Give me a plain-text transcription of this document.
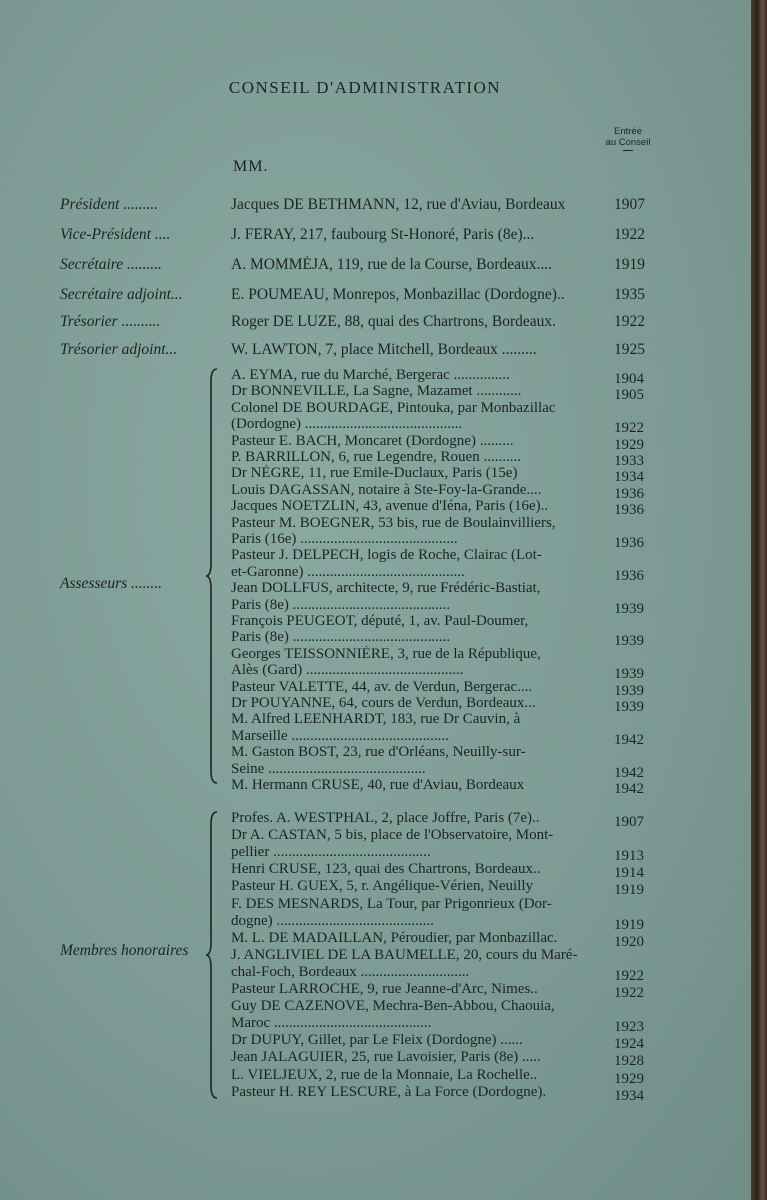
CONSEIL D'ADMINISTRATION
Entrée
au Conseil
MM.
Président .........	Jacques DE BETHMANN, 12, rue d'Aviau, Bordeaux	1907
Vice-Président ....	J. FERAY, 217, faubourg St-Honoré, Paris (8e)...	1922
Secrétaire .........	A. MOMMÉJA, 119, rue de la Course, Bordeaux....	1919
Secrétaire adjoint...	E. POUMEAU, Monrepos, Monbazillac (Dordogne)..	1935
Trésorier ..........	Roger DE LUZE, 88, quai des Chartrons, Bordeaux.	1922
Trésorier adjoint...	W. LAWTON, 7, place Mitchell, Bordeaux .........	1925
Assesseurs ........
A. EYMA, rue du Marché, Bergerac ...............	1904
Dr BONNEVILLE, La Sagne, Mazamet ............	1905
Colonel DE BOURDAGE, Pintouka, par Monbazillac
(Dordogne) ..........................................	1922
Pasteur E. BACH, Moncaret (Dordogne) .........	1929
P. BARRILLON, 6, rue Legendre, Rouen ..........	1933
Dr NÈGRE, 11, rue Emile-Duclaux, Paris (15e)	1934
Louis DAGASSAN, notaire à Ste-Foy-la-Grande....	1936
Jacques NOETZLIN, 43, avenue d'Iéna, Paris (16e)..	1936
Pasteur M. BOEGNER, 53 bis, rue de Boulainvilliers,
Paris (16e) ..........................................	1936
Pasteur J. DELPECH, logis de Roche, Clairac (Lot-
et-Garonne) ..........................................	1936
Jean DOLLFUS, architecte, 9, rue Frédéric-Bastiat,
Paris (8e) ..........................................	1939
François PEUGEOT, député, 1, av. Paul-Doumer,
Paris (8e) ..........................................	1939
Georges TEISSONNIÈRE, 3, rue de la République,
Alès (Gard) ..........................................	1939
Pasteur VALETTE, 44, av. de Verdun, Bergerac....	1939
Dr POUYANNE, 64, cours de Verdun, Bordeaux...	1939
M. Alfred LEENHARDT, 183, rue Dr Cauvin, à
Marseille ..........................................	1942
M. Gaston BOST, 23, rue d'Orléans, Neuilly-sur-
Seine ..........................................	1942
M. Hermann CRUSE, 40, rue d'Aviau, Bordeaux	1942
Membres honoraires
Profes. A. WESTPHAL, 2, place Joffre, Paris (7e)..	1907
Dr A. CASTAN, 5 bis, place de l'Observatoire, Mont-
pellier ..........................................	1913
Henri CRUSE, 123, quai des Chartrons, Bordeaux..	1914
Pasteur H. GUEX, 5, r. Angélique-Vérien, Neuilly	1919
F. DES MESNARDS, La Tour, par Prigonrieux (Dor-
dogne) ..........................................	1919
M. L. DE MADAILLAN, Péroudier, par Monbazillac.	1920
J. ANGLIVIEL DE LA BAUMELLE, 20, cours du Maré-
chal-Foch, Bordeaux .............................	1922
Pasteur LARROCHE, 9, rue Jeanne-d'Arc, Nimes..	1922
Guy DE CAZENOVE, Mechra-Ben-Abbou, Chaouia,
Maroc ..........................................	1923
Dr DUPUY, Gillet, par Le Fleix (Dordogne) ......	1924
Jean JALAGUIER, 25, rue Lavoisier, Paris (8e) .....	1928
L. VIELJEUX, 2, rue de la Monnaie, La Rochelle..	1929
Pasteur H. REY LESCURE, à La Force (Dordogne).	1934
